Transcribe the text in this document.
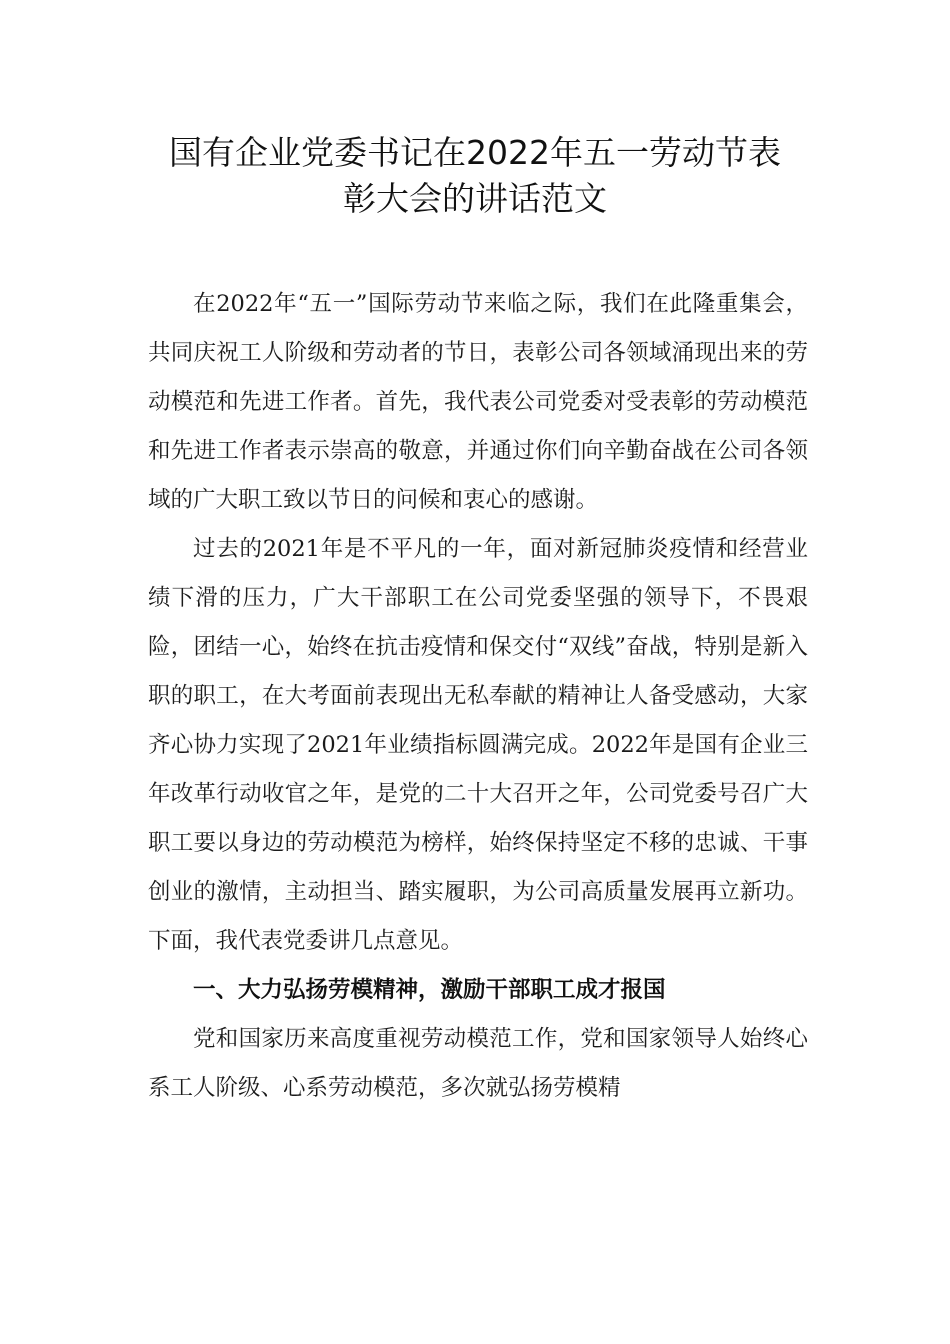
国有企业党委书记在2022年五一劳动节表
彰大会的讲话范文

在2022年“五一”国际劳动节来临之际，我们在此隆重集会，共同庆祝工人阶级和劳动者的节日，表彰公司各领域涌现出来的劳动模范和先进工作者。首先，我代表公司党委对受表彰的劳动模范和先进工作者表示崇高的敬意，并通过你们向辛勤奋战在公司各领域的广大职工致以节日的问候和衷心的感谢。

过去的2021年是不平凡的一年，面对新冠肺炎疫情和经营业绩下滑的压力，广大干部职工在公司党委坚强的领导下，不畏艰险，团结一心，始终在抗击疫情和保交付“双线”奋战，特别是新入职的职工，在大考面前表现出无私奉献的精神让人备受感动，大家齐心协力实现了2021年业绩指标圆满完成。2022年是国有企业三年改革行动收官之年，是党的二十大召开之年，公司党委号召广大职工要以身边的劳动模范为榜样，始终保持坚定不移的忠诚、干事创业的激情，主动担当、踏实履职，为公司高质量发展再立新功。下面，我代表党委讲几点意见。

一、大力弘扬劳模精神，激励干部职工成才报国

党和国家历来高度重视劳动模范工作，党和国家领导人始终心系工人阶级、心系劳动模范，多次就弘扬劳模精
